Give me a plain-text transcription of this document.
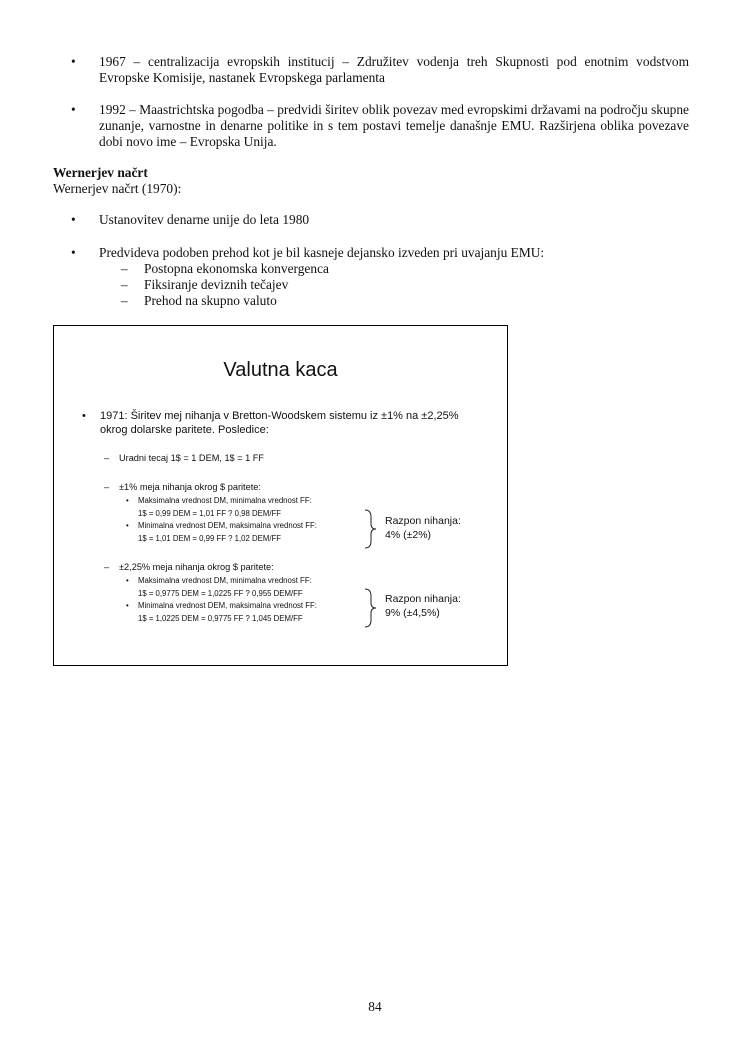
• 1967 – centralizacija evropskih institucij – Združitev vodenja treh Skupnosti pod enotnim vodstvom Evropske Komisije, nastanek Evropskega parlamenta
• 1992 – Maastrichtska pogodba – predvidi širitev oblik povezav med evropskimi državami na področju skupne zunanje, varnostne in denarne politike in s tem postavi temelje današnje EMU. Razširjena oblika povezave dobi novo ime – Evropska Unija.
Wernerjev načrt
Wernerjev načrt (1970):
• Ustanovitev denarne unije do leta 1980
• Predvideva podoben prehod kot je bil kasneje dejansko izveden pri uvajanju EMU:
– Postopna ekonomska konvergenca
– Fiksiranje deviznih tečajev
– Prehod na skupno valuto
Valutna kaca
• 1971: Širitev mej nihanja v Bretton-Woodskem sistemu iz ±1% na ±2,25%
okrog dolarske paritete. Posledice:
– Uradni tecaj 1$ = 1 DEM, 1$ = 1 FF
– ±1% meja nihanja okrog $ paritete:
• Maksimalna vrednost DM, minimalna vrednost FF:
1$ = 0,99 DEM = 1,01 FF ? 0,98 DEM/FF
• Minimalna vrednost DEM, maksimalna vrednost FF:
1$ = 1,01 DEM = 0,99 FF ? 1,02 DEM/FF
Razpon nihanja:
4% (±2%)
– ±2,25% meja nihanja okrog $ paritete:
• Maksimalna vrednost DM, minimalna vrednost FF:
1$ = 0,9775 DEM = 1,0225 FF ? 0,955 DEM/FF
• Minimalna vrednost DEM, maksimalna vrednost FF:
1$ = 1,0225 DEM = 0,9775 FF ? 1,045 DEM/FF
Razpon nihanja:
9% (±4,5%)
84
